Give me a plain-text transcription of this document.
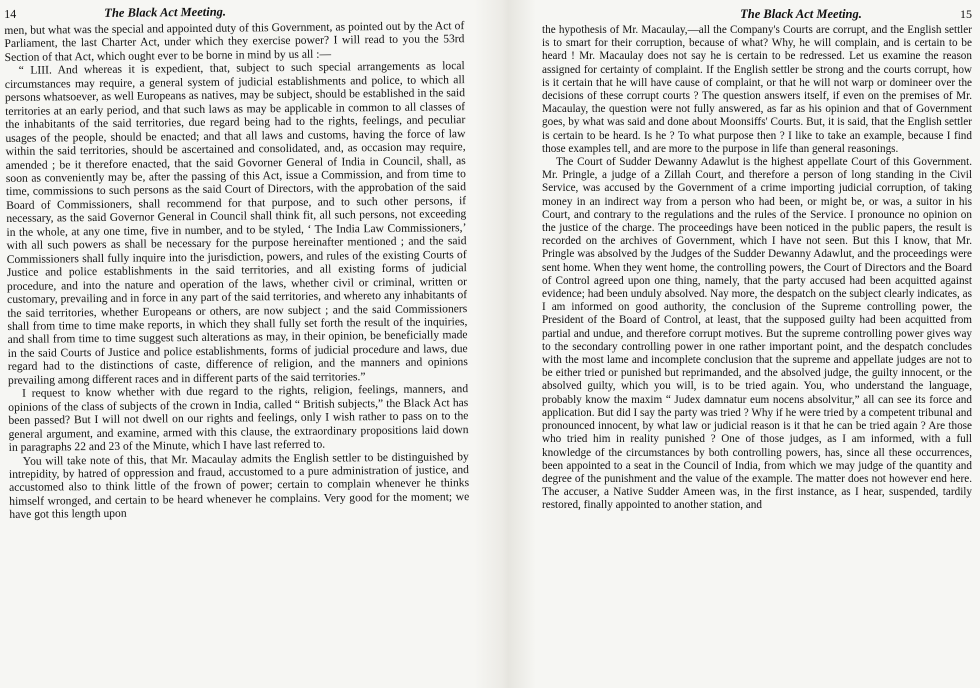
14	The Black Act Meeting.

men, but what was the special and appointed duty of this Government, as pointed out by the Act of Parliament, the last Charter Act, under which they exercise power? I will read to you the 53rd Section of that Act, which ought ever to be borne in mind by us all :—

“ LIII. And whereas it is expedient, that, subject to such special arrangements as local circumstances may require, a general system of judicial establishments and police, to which all persons whatsoever, as well Europeans as natives, may be subject, should be established in the said territories at an early period, and that such laws as may be applicable in common to all classes of the inhabitants of the said territories, due regard being had to the rights, feelings, and peculiar usages of the people, should be enacted; and that all laws and customs, having the force of law within the said territories, should be ascertained and consolidated, and, as occasion may require, amended ; be it therefore enacted, that the said Govorner General of India in Council, shall, as soon as conveniently may be, after the passing of this Act, issue a Commission, and from time to time, commissions to such persons as the said Court of Directors, with the approbation of the said Board of Commissioners, shall recommend for that purpose, and to such other persons, if necessary, as the said Governor General in Council shall think fit, all such persons, not exceeding in the whole, at any one time, five in number, and to be styled, ‘ The India Law Commissioners,’ with all such powers as shall be necessary for the purpose hereinafter mentioned ; and the said Commissioners shall fully inquire into the jurisdiction, powers, and rules of the existing Courts of Justice and police establishments in the said territories, and all existing forms of judicial procedure, and into the nature and operation of the laws, whether civil or criminal, written or customary, prevailing and in force in any part of the said territories, and whereto any inhabitants of the said territories, whether Europeans or others, are now subject ; and the said Commissioners shall from time to time make reports, in which they shall fully set forth the result of the inquiries, and shall from time to time suggest such alterations as may, in their opinion, be beneficially made in the said Courts of Justice and police establishments, forms of judicial procedure and laws, due regard had to the distinctions of caste, difference of religion, and the manners and opinions prevailing among different races and in different parts of the said territories.”

I request to know whether with due regard to the rights, religion, feelings, manners, and opinions of the class of subjects of the crown in India, called “ British subjects,” the Black Act has been passed? But I will not dwell on our rights and feelings, only I wish rather to pass on to the general argument, and examine, armed with this clause, the extraordinary propositions laid down in paragraphs 22 and 23 of the Minute, which I have last referred to.

You will take note of this, that Mr. Macaulay admits the English settler to be distinguished by intrepidity, by hatred of oppression and fraud, accustomed to a pure administration of justice, and accustomed also to think little of the frown of power; certain to complain whenever he thinks himself wronged, and certain to be heard whenever he complains. Very good for the moment; we have got this length upon

The Black Act Meeting.	15

the hypothesis of Mr. Macaulay,—all the Company's Courts are corrupt, and the English settler is to smart for their corruption, because of what? Why, he will complain, and is certain to be heard ! Mr. Macaulay does not say he is certain to be redressed. Let us examine the reason assigned for certainty of complaint. If the English settler be strong and the courts corrupt, how is it certain that he will have cause of complaint, or that he will not warp or domineer over the decisions of these corrupt courts ? The question answers itself, if even on the premises of Mr. Macaulay, the question were not fully answered, as far as his opinion and that of Government goes, by what was said and done about Moonsiffs' Courts. But, it is said, that the English settler is certain to be heard. Is he ? To what purpose then ? I like to take an example, because I find those examples tell, and are more to the purpose in life than general reasonings.

The Court of Sudder Dewanny Adawlut is the highest appellate Court of this Government. Mr. Pringle, a judge of a Zillah Court, and therefore a person of long standing in the Civil Service, was accused by the Government of a crime importing judicial corruption, of taking money in an indirect way from a person who had been, or might be, or was, a suitor in his Court, and contrary to the regulations and the rules of the Service. I pronounce no opinion on the justice of the charge. The proceedings have been noticed in the public papers, the result is recorded on the archives of Government, which I have not seen. But this I know, that Mr. Pringle was absolved by the Judges of the Sudder Dewanny Adawlut, and the proceedings were sent home. When they went home, the controlling powers, the Court of Directors and the Board of Control agreed upon one thing, namely, that the party accused had been acquitted against evidence; had been unduly absolved. Nay more, the despatch on the subject clearly indicates, as I am informed on good authority, the conclusion of the Supreme controlling power, the President of the Board of Control, at least, that the supposed guilty had been acquitted from partial and undue, and therefore corrupt motives. But the supreme controlling power gives way to the secondary controlling power in one rather important point, and the despatch concludes with the most lame and incomplete conclusion that the supreme and appellate judges are not to be either tried or punished but reprimanded, and the absolved judge, the guilty innocent, or the absolved guilty, which you will, is to be tried again. You, who understand the language, probably know the maxim “ Judex damnatur eum nocens absolvitur,” all can see its force and application. But did I say the party was tried ? Why if he were tried by a competent tribunal and pronounced innocent, by what law or judicial reason is it that he can be tried again ? Are those who tried him in reality punished ? One of those judges, as I am informed, with a full knowledge of the circumstances by both controlling powers, has, since all these occurrences, been appointed to a seat in the Council of India, from which we may judge of the quantity and degree of the punishment and the value of the example. The matter does not however end here. The accuser, a Native Sudder Ameen was, in the first instance, as I hear, suspended, tardily restored, finally appointed to another station, and
